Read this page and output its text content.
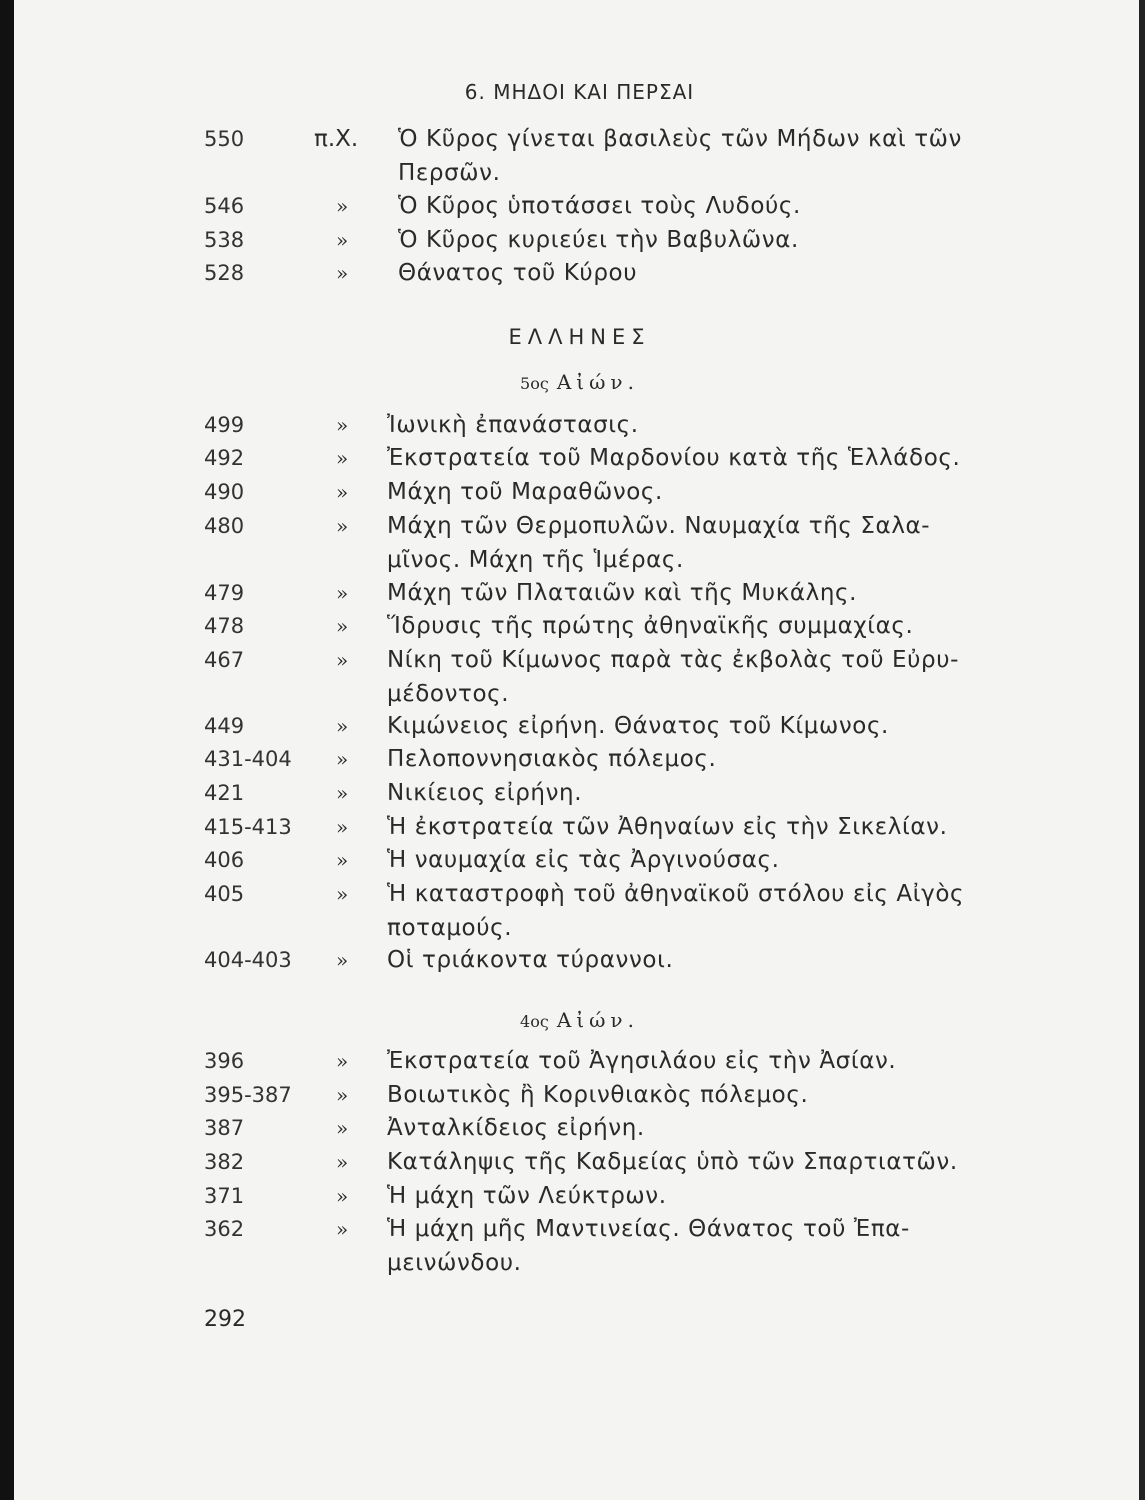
6. ΜΗΔΟΙ ΚΑΙ ΠΕΡΣΑΙ
550	π.Χ. Ὁ Κῦρος γίνεται βασιλεὺς τῶν Μήδων καὶ τῶν
Περσῶν.
546	» Ὁ Κῦρος ὑποτάσσει τοὺς Λυδούς.
538	» Ὁ Κῦρος κυριεύει τὴν Βαβυλῶνα.
528	» Θάνατος τοῦ Κύρου
ΕΛΛΗΝΕΣ
5ος Αἰών.
499	» Ἰωνικὴ ἐπανάστασις.
492	» Ἐκστρατεία τοῦ Μαρδονίου κατὰ τῆς Ἑλλάδος.
490	» Μάχη τοῦ Μαραθῶνος.
480	» Μάχη τῶν Θερμοπυλῶν. Ναυμαχία τῆς Σαλα-
μῖνος. Μάχη τῆς Ἱμέρας.
479	» Μάχη τῶν Πλαταιῶν καὶ τῆς Μυκάλης.
478	» Ἵδρυσις τῆς πρώτης ἀθηναϊκῆς συμμαχίας.
467	» Νίκη τοῦ Κίμωνος παρὰ τὰς ἐκβολὰς τοῦ Εὐρυ-
μέδοντος.
449	» Κιμώνειος εἰρήνη. Θάνατος τοῦ Κίμωνος.
431-404 » Πελοποννησιακὸς πόλεμος.
421	» Νικίειος εἰρήνη.
415-413 » Ἡ ἐκστρατεία τῶν Ἀθηναίων εἰς τὴν Σικελίαν.
406	» Ἡ ναυμαχία εἰς τὰς Ἀργινούσας.
405	» Ἡ καταστροφὴ τοῦ ἀθηναϊκοῦ στόλου εἰς Αἰγὸς
ποταμούς.
404-403 » Οἱ τριάκοντα τύραννοι.
4ος Αἰών.
396	» Ἐκστρατεία τοῦ Ἀγησιλάου εἰς τὴν Ἀσίαν.
395-387 » Βοιωτικὸς ἢ Κορινθιακὸς πόλεμος.
387	» Ἀνταλκίδειος εἰρήνη.
382	» Κατάληψις τῆς Καδμείας ὑπὸ τῶν Σπαρτιατῶν.
371	» Ἡ μάχη τῶν Λεύκτρων.
362	» Ἡ μάχη μῆς Μαντινείας. Θάνατος τοῦ Ἐπα-
μεινώνδου.
292
